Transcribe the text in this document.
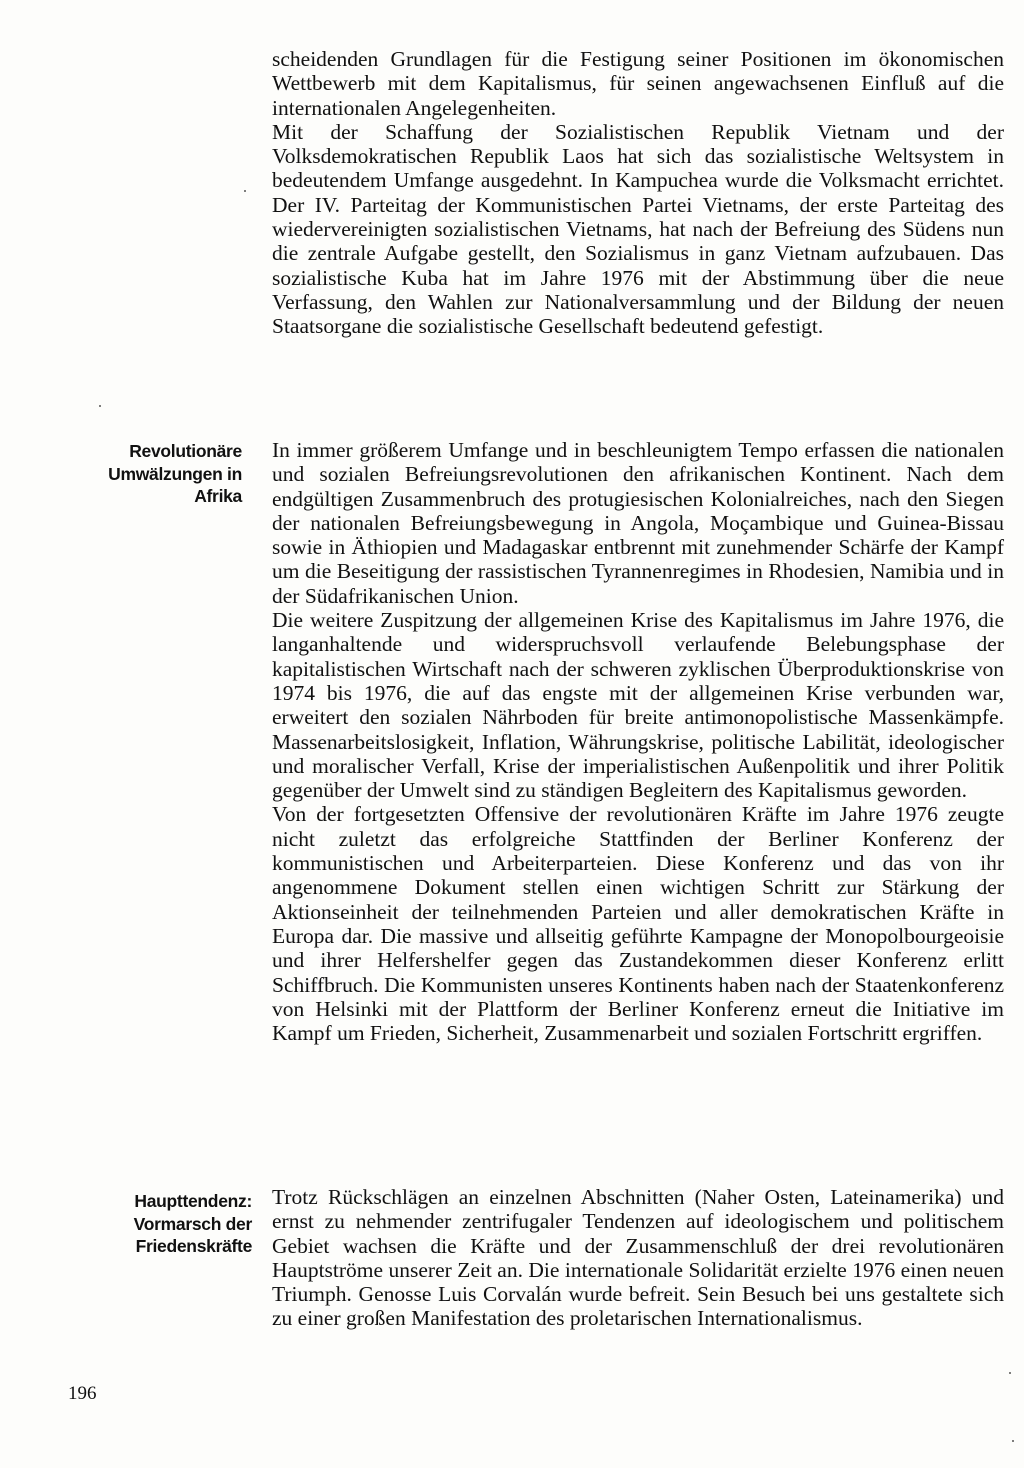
scheidenden Grundlagen für die Festigung seiner Positionen im ökonomischen Wettbewerb mit dem Kapitalismus, für seinen angewachsenen Einfluß auf die internationalen Angelegenheiten.

Mit der Schaffung der Sozialistischen Republik Vietnam und der Volksdemokratischen Republik Laos hat sich das sozialistische Weltsystem in bedeutendem Umfange ausgedehnt. In Kampuchea wurde die Volksmacht errichtet. Der IV. Parteitag der Kommunistischen Partei Vietnams, der erste Parteitag des wiedervereinigten sozialistischen Vietnams, hat nach der Befreiung des Südens nun die zentrale Aufgabe gestellt, den Sozialismus in ganz Vietnam aufzubauen. Das sozialistische Kuba hat im Jahre 1976 mit der Abstimmung über die neue Verfassung, den Wahlen zur Nationalversammlung und der Bildung der neuen Staatsorgane die sozialistische Gesellschaft bedeutend gefestigt.

Revolutionäre Umwälzungen in Afrika

In immer größerem Umfange und in beschleunigtem Tempo erfassen die nationalen und sozialen Befreiungsrevolutionen den afrikanischen Kontinent. Nach dem endgültigen Zusammenbruch des protugiesischen Kolonialreiches, nach den Siegen der nationalen Befreiungsbewegung in Angola, Moçambique und Guinea-Bissau sowie in Äthiopien und Madagaskar entbrennt mit zunehmender Schärfe der Kampf um die Beseitigung der rassistischen Tyrannenregimes in Rhodesien, Namibia und in der Südafrikanischen Union.

Die weitere Zuspitzung der allgemeinen Krise des Kapitalismus im Jahre 1976, die langanhaltende und widerspruchsvoll verlaufende Belebungsphase der kapitalistischen Wirtschaft nach der schweren zyklischen Überproduktionskrise von 1974 bis 1976, die auf das engste mit der allgemeinen Krise verbunden war, erweitert den sozialen Nährboden für breite antimonopolistische Massenkämpfe. Massenarbeitslosigkeit, Inflation, Währungskrise, politische Labilität, ideologischer und moralischer Verfall, Krise der imperialistischen Außenpolitik und ihrer Politik gegenüber der Umwelt sind zu ständigen Begleitern des Kapitalismus geworden.

Von der fortgesetzten Offensive der revolutionären Kräfte im Jahre 1976 zeugte nicht zuletzt das erfolgreiche Stattfinden der Berliner Konferenz der kommunistischen und Arbeiterparteien. Diese Konferenz und das von ihr angenommene Dokument stellen einen wichtigen Schritt zur Stärkung der Aktionseinheit der teilnehmenden Parteien und aller demokratischen Kräfte in Europa dar. Die massive und allseitig geführte Kampagne der Monopolbourgeoisie und ihrer Helfershelfer gegen das Zustandekommen dieser Konferenz erlitt Schiffbruch. Die Kommunisten unseres Kontinents haben nach der Staatenkonferenz von Helsinki mit der Plattform der Berliner Konferenz erneut die Initiative im Kampf um Frieden, Sicherheit, Zusammenarbeit und sozialen Fortschritt ergriffen.

Haupttendenz: Vormarsch der Friedenskräfte

Trotz Rückschlägen an einzelnen Abschnitten (Naher Osten, Lateinamerika) und ernst zu nehmender zentrifugaler Tendenzen auf ideologischem und politischem Gebiet wachsen die Kräfte und der Zusammenschluß der drei revolutionären Hauptströme unserer Zeit an. Die internationale Solidarität erzielte 1976 einen neuen Triumph. Genosse Luis Corvalán wurde befreit. Sein Besuch bei uns gestaltete sich zu einer großen Manifestation des proletarischen Internationalismus.

196
